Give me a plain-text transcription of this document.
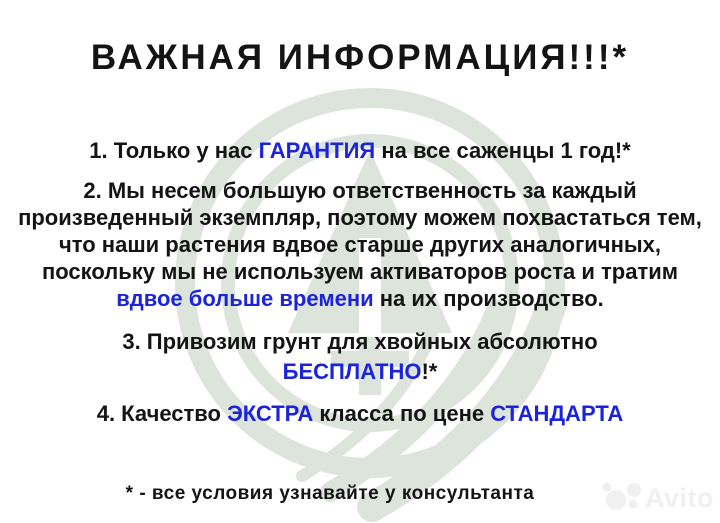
ВАЖНАЯ ИНФОРМАЦИЯ!!!*
1. Только у нас ГАРАНТИЯ на все саженцы 1 год!*
2. Мы несем большую ответственность за каждый
произведенный экземпляр, поэтому можем похвастаться тем,
что наши растения вдвое старше других аналогичных,
поскольку мы не используем активаторов роста и тратим
вдвое больше времени на их производство.
3. Привозим грунт для хвойных абсолютно
БЕСПЛАТНО!*
4. Качество ЭКСТРА класса по цене СТАНДАРТА
* - все условия узнавайте у консультанта	Avito
